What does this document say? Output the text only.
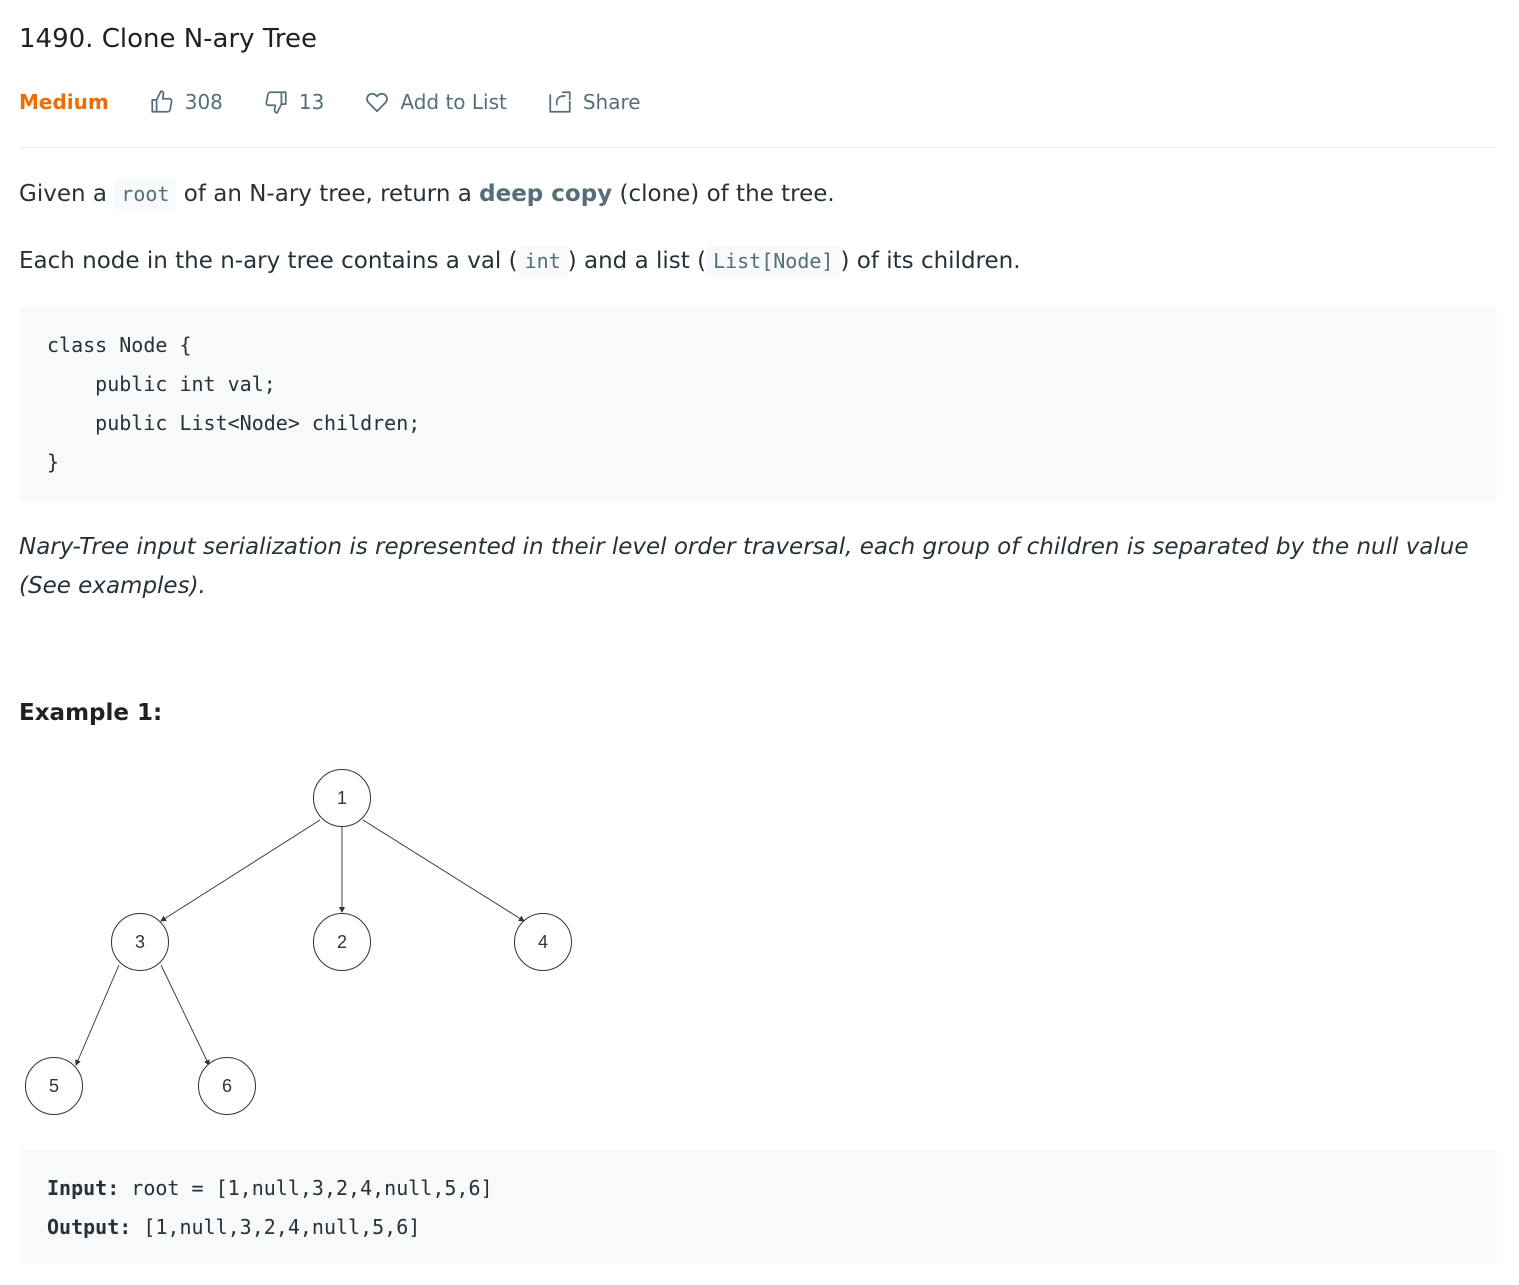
1490. Clone N-ary Tree
Medium	308	13	Add to List	Share
Given a root of an N-ary tree, return a deep copy (clone) of the tree.
Each node in the n-ary tree contains a val ( int ) and a list ( List[Node] ) of its children.
class Node {
public int val;
public List<Node> children;
}
Nary-Tree input serialization is represented in their level order traversal, each group of children is separated by the null value (See examples).
Example 1:
1
3	2	4
5	6
Input: root = [1,null,3,2,4,null,5,6]
Output: [1,null,3,2,4,null,5,6]
